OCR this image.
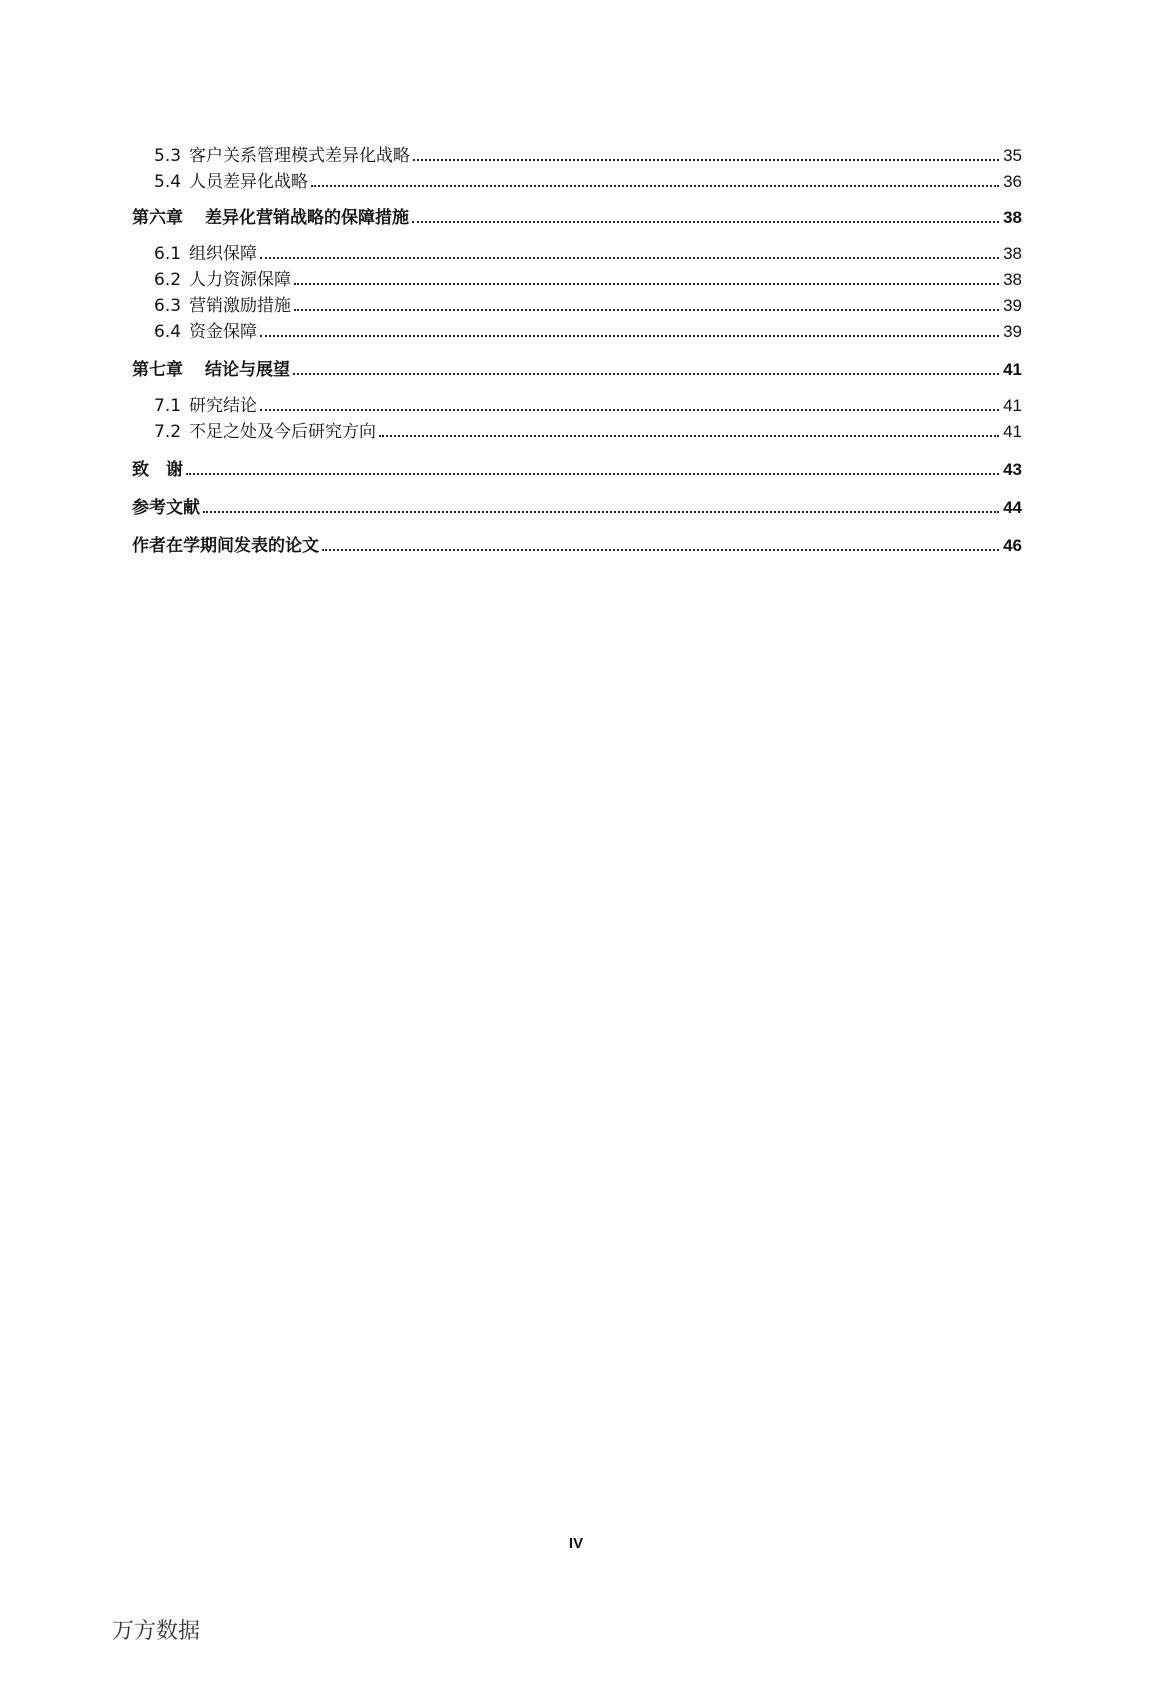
5.3 客户关系管理模式差异化战略	35
5.4 人员差异化战略	36
第六章 差异化营销战略的保障措施	38
6.1 组织保障	38
6.2 人力资源保障	38
6.3 营销激励措施	39
6.4 资金保障	39
第七章 结论与展望	41
7.1 研究结论	41
7.2 不足之处及今后研究方向	41
致　谢	43
参考文献	44
作者在学期间发表的论文	46
IV
万方数据
